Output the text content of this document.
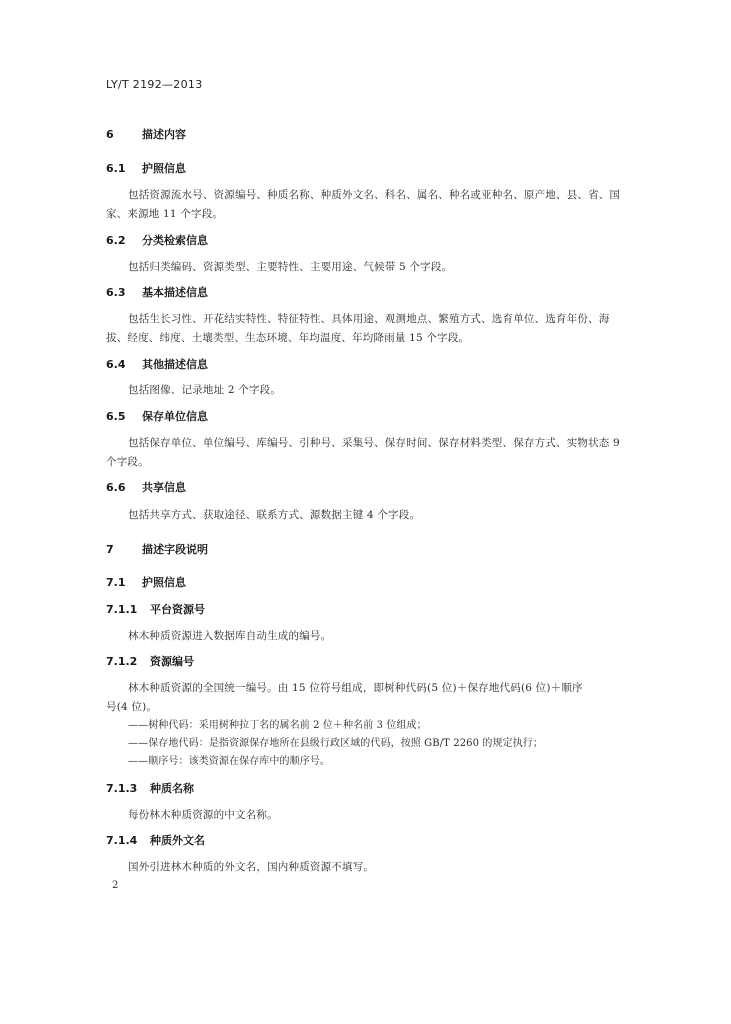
LY/T 2192—2013
6	描述内容
6.1 护照信息
包括资源流水号、资源编号、种质名称、种质外文名、科名、属名、种名或亚种名、原产地、县、省、国
家、来源地 11 个字段。
6.2 分类检索信息
包括归类编码、资源类型、主要特性、主要用途、气候带 5 个字段。
6.3 基本描述信息
包括生长习性、开花结实特性、特征特性、具体用途、观测地点、繁殖方式、选育单位、选育年份、海
拔、经度、纬度、土壤类型、生态环境、年均温度、年均降雨量 15 个字段。
6.4 其他描述信息
包括图像、记录地址 2 个字段。
6.5 保存单位信息
包括保存单位、单位编号、库编号、引种号、采集号、保存时间、保存材料类型、保存方式、实物状态 9
个字段。
6.6 共享信息
包括共享方式、获取途径、联系方式、源数据主键 4 个字段。
7	描述字段说明
7.1 护照信息
7.1.1 平台资源号
林木种质资源进入数据库自动生成的编号。
7.1.2 资源编号
林木种质资源的全国统一编号。由 15 位符号组成，即树种代码(5 位)＋保存地代码(6 位)＋顺序
号(4 位)。
——树种代码：采用树种拉丁名的属名前 2 位＋种名前 3 位组成；
——保存地代码：是指资源保存地所在县级行政区域的代码，按照 GB/T 2260 的规定执行；
——顺序号：该类资源在保存库中的顺序号。
7.1.3 种质名称
每份林木种质资源的中文名称。
7.1.4 种质外文名
国外引进林木种质的外文名，国内种质资源不填写。
2
